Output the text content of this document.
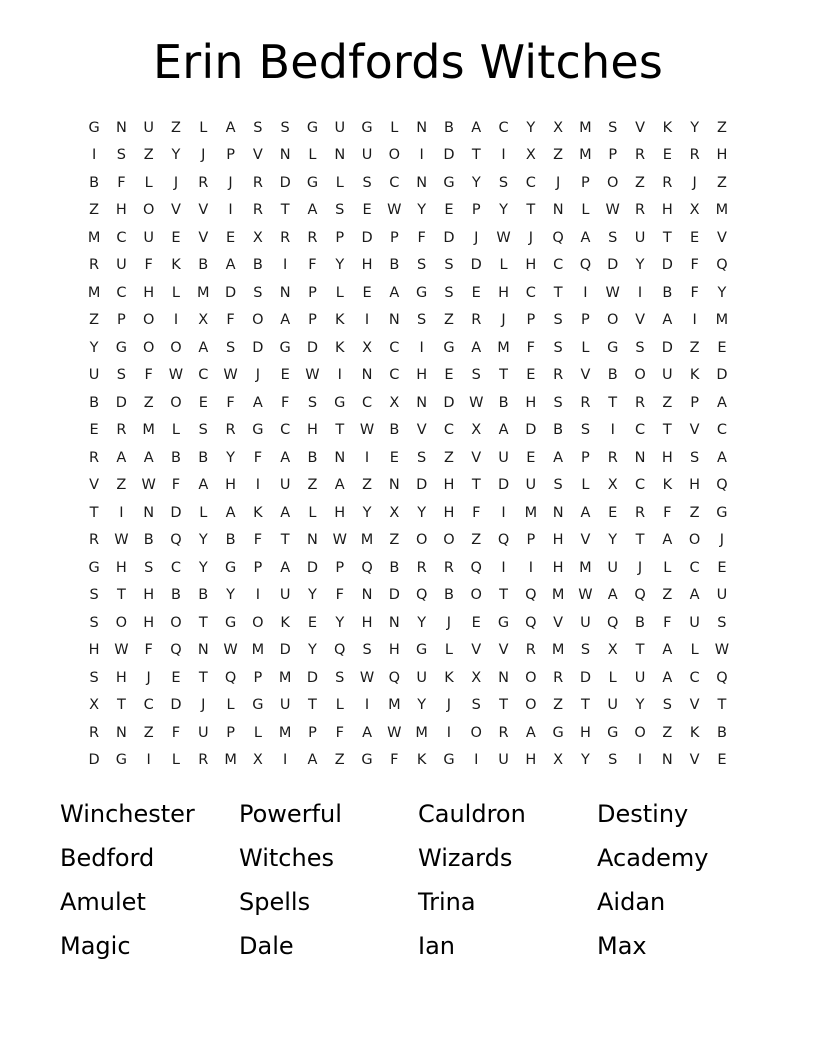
Erin Bedfords Witches
G	N	U	Z	L	A	S	S	G	U	G	L	N	B	A	C	Y	X	M	S	V	K	Y	Z
I	S	Z	Y	J	P	V	N	L	N	U	O	I	D	T	I	X	Z	M	P	R	E	R	H
B	F	L	J	R	J	R	D	G	L	S	C	N	G	Y	S	C	J	P	O	Z	R	J	Z
Z	H	O	V	V	I	R	T	A	S	E	W	Y	E	P	Y	T	N	L	W	R	H	X	M
M	C	U	E	V	E	X	R	R	P	D	P	F	D	J	W	J	Q	A	S	U	T	E	V
R	U	F	K	B	A	B	I	F	Y	H	B	S	S	D	L	H	C	Q	D	Y	D	F	Q
M	C	H	L	M	D	S	N	P	L	E	A	G	S	E	H	C	T	I	W	I	B	F	Y
Z	P	O	I	X	F	O	A	P	K	I	N	S	Z	R	J	P	S	P	O	V	A	I	M
Y	G	O	O	A	S	D	G	D	K	X	C	I	G	A	M	F	S	L	G	S	D	Z	E
U	S	F	W	C	W	J	E	W	I	N	C	H	E	S	T	E	R	V	B	O	U	K	D
B	D	Z	O	E	F	A	F	S	G	C	X	N	D	W	B	H	S	R	T	R	Z	P	A
E	R	M	L	S	R	G	C	H	T	W	B	V	C	X	A	D	B	S	I	C	T	V	C
R	A	A	B	B	Y	F	A	B	N	I	E	S	Z	V	U	E	A	P	R	N	H	S	A
V	Z	W	F	A	H	I	U	Z	A	Z	N	D	H	T	D	U	S	L	X	C	K	H	Q
T	I	N	D	L	A	K	A	L	H	Y	X	Y	H	F	I	M	N	A	E	R	F	Z	G
R	W	B	Q	Y	B	F	T	N	W M	Z	O	O	Z	Q	P	H	V	Y	T	A	O	J
G	H	S	C	Y	G	P	A	D	P	Q	B	R	R	Q	I	I	H	M	U	J	L	C	E
S	T	H	B	B	Y	I	U	Y	F	N	D	Q	B	O	T	Q	M W	A	Q	Z	A	U
S	O	H	O	T	G	O	K	E	Y	H	N	Y	J	E	G	Q	V	U	Q	B	F	U	S
H	W	F	Q	N	W M	D	Y	Q	S	H	G	L	V	V	R	M	S	X	T	A	L	W
S	H	J	E	T	Q	P	M	D	S	W Q	U	K	X	N	O	R	D	L	U	A	C	Q
X	T	C	D	J	L	G	U	T	L	I	M	Y	J	S	T	O	Z	T	U	Y	S	V	T
R	N	Z	F	U	P	L	M	P	F	A	W M	I	O	R	A	G	H	G	O	Z	K	B
D	G	I	L	R	M	X	I	A	Z	G	F	K	G	I	U	H	X	Y	S	I	N	V	E
Winchester	Powerful	Cauldron	Destiny
Bedford	Witches	Wizards	Academy
Amulet	Spells	Trina	Aidan
Magic	Dale	Ian	Max
